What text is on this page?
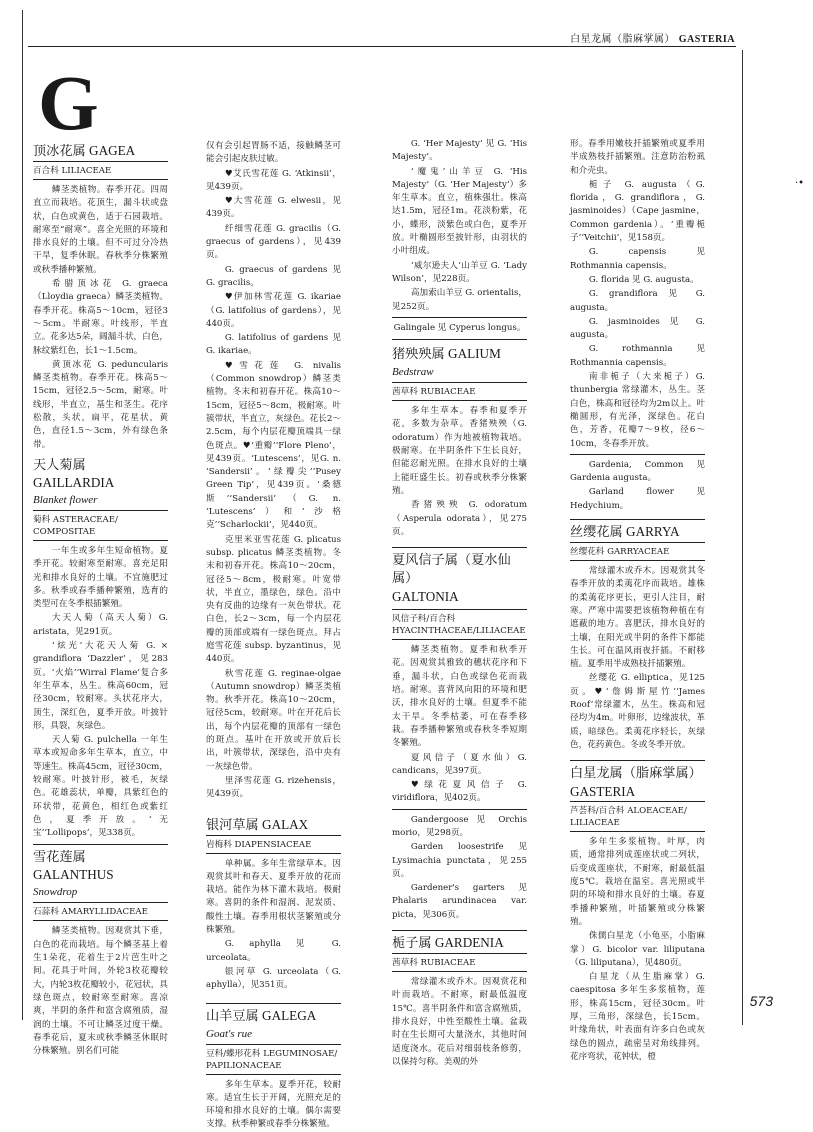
白星龙属（脂麻掌属） GASTERIA
G
·•
顶冰花属 GAGEA
百合科 LILIACEAE

鳞茎类植物。春季开花。四周直立而栽培。花顶生，漏斗状或盘状，白色或黄色，适于石园栽培。耐寒至“耐寒”。喜全光照的环境和排水良好的土壤。但不可过分冷热干旱，复季休眠。春秋季分株繁殖或秋季播种繁殖。

希腊顶冰花 G. graeca（Lloydia graeca）鳞茎类植物。春季开花。株高5～10cm，冠径3～5cm。半耐寒。叶线形，半直立。花多达5朵，阔漏斗状，白色，脉纹紫红色，长1～1.5cm。

黄顶冰花 G. peduncularis 鳞茎类植物。春季开花。株高5～15cm，冠径2.5～5cm，耐寒。叶线形，半直立，基生和茎生。花序松散，头状，扁平，花星状，黄色，直径1.5～3cm，外有绿色条带。

天人菊属 GAILLARDIA
Blanket flower
菊科 ASTERACEAE/ COMPOSITAE

一年生或多年生短命植物。夏季开花。较耐寒至耐寒。喜充足阳光和排水良好的土壤。不宜施肥过多。秋季或春季播种繁殖，选育的类型可在冬季根插繁殖。

大天人菊（高天人菊）G. aristata，见291页。

‘炫光’大花天人菊 G. × grandiflora ‘Dazzler’，见283页。‘火焰’‘Wirral Flame’复合多年生草本，丛生。株高60cm，冠径30cm，较耐寒。头状花序大，顶生，深红色，夏季开放。叶披针形，具裂，灰绿色。

天人菊 G. pulchella 一年生草本或短命多年生草本，直立，中等速生。株高45cm，冠径30cm，较耐寒。叶披针形，被毛，灰绿色。花雄蕊状，单瓣，具紫红色的环状带，花黄色，相红色或紫红色，夏季开放。‘无宝’‘Lollipops’，见338页。

雪花莲属 GALANTHUS
Snowdrop
石蒜科 AMARYLLIDACEAE

鳞茎类植物。因观赏其下垂，白色的花而栽培。每个鳞茎基上着生1朵花，花着生于2片芭生叶之间。花具于叶间，外轮3枚花瓣较大，内轮3枚花瓣较小，花冠状，具绿色斑点，较耐寒至耐寒。喜凉爽，半阴的条件和富含腐殖质，湿润的土壤。不可让鳞茎过度干燥。春季花后，夏末或秋季鳞茎休眠时分株繁殖。别名们可能

仅有会引起胃肠不适，接触鳞茎可能会引起皮肤过敏。

♥艾氏雪花莲 G. ‘Atkinsii’，见439页。

♥大雪花莲 G. elwesii，见439页。

纤细雪花莲 G. gracilis（G. graecus of gardens），见439页。

G. graecus of gardens 见 G. gracilis。

♥伊加林雪花莲 G. ikariae（G. latifolius of gardens），见440页。

G. latifolius of gardens 见 G. ikariae。

♥雪花莲 G. nivalis（Common snowdrop）鳞茎类植物。冬末和初春开花。株高10～15cm，冠径5～8cm，极耐寒。叶簇带状，半直立，灰绿色。花长2～2.5cm，每个内层花瓣顶端具一绿色斑点。♥‘重瓣’‘Flore Pleno’，见439页。‘Lutescens’，见G. n. ‘Sandersii’。‘绿瓣尖’‘Pusey Green Tip’，见439页。‘桑德斯’‘Sandersii’（G. n. ‘Lutescens’）和‘沙格克’‘Scharlockii’，见440页。

克里米亚雪花莲 G. plicatus subsp. plicatus 鳞茎类植物。冬末和初春开花。株高10～20cm，冠径5～8cm，极耐寒。叶宽带状，半直立，墨绿色，绿色。沿中央有反曲的边缘有一灰色带状。花白色，长2～3cm，每一个内层花瓣的顶部或端有一绿色斑点。拜占庭雪花莲 subsp. byzantinus，见440页。

秋雪花莲 G. reginae-olgae（Autumn snowdrop）鳞茎类植物。秋季开花。株高10～20cm，冠径5cm，较耐寒。叶在开花后长出，每个内层花瓣的顶部有一绿色的斑点。基叶在开放或开放后长出，叶簇带状，深绿色，沿中央有一灰绿色带。

里泽雪花莲 G. rizehensis，见439页。

银河草属 GALAX
岩梅科 DIAPENSIACEAE

单种属。多年生常绿草本。因观赏其叶和春天、夏季开放的花而栽培。能作为林下灌木栽培。极耐寒。喜阴的条件和湿润、泥炭质、酸性土壤。春季用根状茎繁殖或分株繁殖。

G. aphylla 见 G. urceolata。

银河草 G. urceolata（G. aphylla），见351页。

山羊豆属 GALEGA
Goat's rue
豆科/蝶形花科 LEGUMINOSAE/ PAPILIONACEAE

多年生草本。夏季开花，较耐寒。适宜生长于开阔，光照充足的环境和排水良好的土壤。偶尔需要支撑。秋季种繁或春季分株繁殖。

G. ‘Her Majesty’ 见 G. ‘His Majesty’。

‘魔鬼’山羊豆 G. ‘His Majesty’（G. ‘Her Majesty’）多年生草本。直立，植株强壮。株高达1.5m，冠径1m。花淡粉紫，花小，蝶形，淡紫色或白色，夏季开放。叶椭圆形至披针形，由羽状的小叶组成。

‘威尔逊夫人’山羊豆 G. ‘Lady Wilson’，见228页。

高加索山羊豆 G. orientalis，见252页。

Galingale 见 Cyperus longus。
猪殃殃属 GALIUM
Bedstraw
茜草科 RUBIACEAE

多年生草本。春季和夏季开花，多数为杂草。香猪殃殃（G. odoratum）作为地被植物栽培。极耐寒。在半阴条件下生长良好，但能忍耐光照。在排水良好的土壤上能旺盛生长。初春或秋季分株繁殖。

香猪殃殃 G. odoratum（Asperula odorata），见275页。

夏风信子属（夏水仙属）
GALTONIA
风信子科/百合科 HYACINTHACEAE/LILIACEAE

鳞茎类植物。夏季和秋季开花。因观赏其雅致的穗状花序和下垂，漏斗状，白色或绿色花而栽培。耐寒。喜背风向阳的环境和肥沃，排水良好的土壤。但夏季不能太干旱。冬季枯萎，可在春季移栽。春季播种繁殖或春秋冬季短期冬繁殖。

夏风信子（夏水仙）G. candicans，见397页。

♥绿花夏风信子 G. viridiflora，见402页。

Gandergoose 见 Orchis morio，见298页。

Garden loosestrife 见 Lysimachia punctata，见255页。

Gardener's garters 见 Phalaris arundinacea var. picta，见306页。

栀子属 GARDENIA
茜草科 RUBIACEAE

常绿灌木或乔木。因观赏花和叶而栽培。不耐寒，耐最低温度15℃。喜半阴条件和富含腐殖质，排水良好，中性至酸性土壤。盆栽时在生长期可大量浇水，其他时间适度浇水。花后对细弱枝条修剪，以保持匀称。美观的外

形。春季用嫩枝扦插繁殖或夏季用半成熟枝扦插繁殖。注意防治粉虱和介壳虫。

栀子 G. augusta（G. florida，G. grandiflora，G. jasminoides）（Cape jasmine，Common gardenia）。‘重瓣栀子’‘Veitchii’，见158页。

G. capensis 见 Rothmannia capensis。

G. florida 见 G. augusta。

G. grandiflora 见 G. augusta。

G. jasminoides 见 G. augusta。

G. rothmannia 见 Rothmannia capensis。

南非栀子（大来栀子）G. thunbergia 常绿灌木，丛生。茎白色，株高和冠径均为2m以上。叶椭圆形，有光泽，深绿色。花白色，芳香，花瓣7～9枚，径6～10cm，冬春季开放。

Gardenia, Common 见 Gardenia augusta。

Garland flower 见 Hedychium。

丝缨花属 GARRYA
丝缨花科 GARRYACEAE

常绿灌木或乔木。因观赏其冬春季开放的柔荑花序而栽培。雄株的柔荑花序更长，更引人注目，耐寒。严寒中需要把该植物种植在有遮蔽的地方。喜肥沃，排水良好的土壤，在阳光或半阴的条件下都能生长。可在温风雨夜扦插。不耐移植。夏季用半成熟枝扦插繁殖。

丝缨花 G. elliptica，见125页。♥‘詹姆斯屋竹’‘James Roof’常绿灌木，丛生。株高和冠径均为4m。叶卵形，边缘波状，革质，暗绿色。柔荑花序轻长，灰绿色，花药黄色。冬或冬季开放。

白星龙属（脂麻掌属）
GASTERIA
芦荟科/百合科 ALOEACEAE/ LILIACEAE

多年生多浆植物。叶厚，肉质，通常排列成莲座状或二列状，后变成莲座状，不耐寒，耐最低温度5℃。栽培在温室。喜光照或半阴的环境和排水良好的土壤。春夏季播种繁殖，叶插繁殖或分株繁殖。

侏儒白星龙（小龟巫，小脂麻掌）G. bicolor var. liliputana（G. liliputana），见480页。

白星龙（从生脂麻掌）G. caespitosa 多年生多浆植物，莲形，株高15cm，冠径30cm。叶厚，三角形，深绿色，长15cm。叶缘角状，叶表面有许多白色或灰绿色的圆点，疏密呈对角线排列。花序弯状，花钟状，橙

573
